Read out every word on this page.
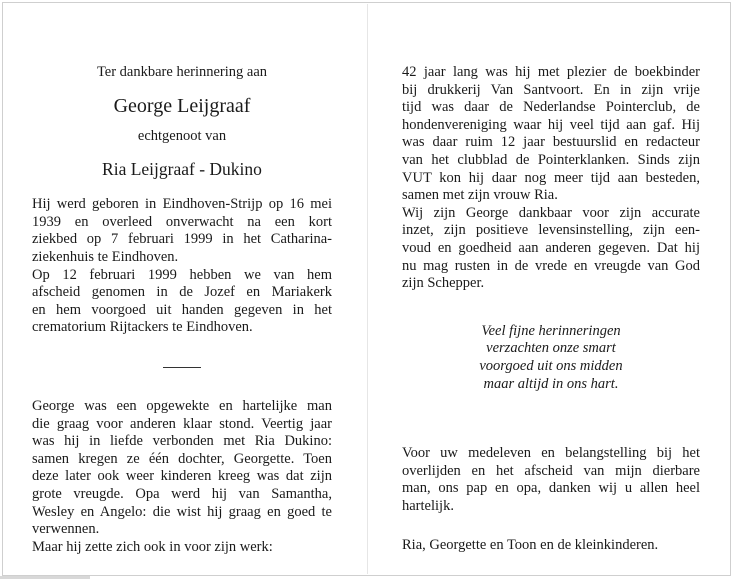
Ter dankbare herinnering aan

George Leijgraaf

echtgenoot van

Ria Leijgraaf - Dukino

Hij werd geboren in Eindhoven-Strijp op 16 mei
1939 en overleed onverwacht na een kort
ziekbed op 7 februari 1999 in het Catharina-
ziekenhuis te Eindhoven.
Op 12 februari 1999 hebben we van hem
afscheid genomen in de Jozef en Mariakerk
en hem voorgoed uit handen gegeven in het
crematorium Rijtackers te Eindhoven.
George was een opgewekte en hartelijke man
die graag voor anderen klaar stond. Veertig jaar
was hij in liefde verbonden met Ria Dukino:
samen kregen ze één dochter, Georgette. Toen
deze later ook weer kinderen kreeg was dat zijn
grote vreugde. Opa werd hij van Samantha,
Wesley en Angelo: die wist hij graag en goed te
verwennen.
Maar hij zette zich ook in voor zijn werk:
42 jaar lang was hij met plezier de boekbinder
bij drukkerij Van Santvoort. En in zijn vrije
tijd was daar de Nederlandse Pointerclub, de
hondenvereniging waar hij veel tijd aan gaf. Hij
was daar ruim 12 jaar bestuurslid en redacteur
van het clubblad de Pointerklanken. Sinds zijn
VUT kon hij daar nog meer tijd aan besteden,
samen met zijn vrouw Ria.
Wij zijn George dankbaar voor zijn accurate
inzet, zijn positieve levensinstelling, zijn een-
voud en goedheid aan anderen gegeven. Dat hij
nu mag rusten in de vrede en vreugde van God
zijn Schepper.
Veel fijne herinneringen
verzachten onze smart
voorgoed uit ons midden
maar altijd in ons hart.
Voor uw medeleven en belangstelling bij het
overlijden en het afscheid van mijn dierbare
man, ons pap en opa, danken wij u allen heel
hartelijk.

Ria, Georgette en Toon en de kleinkinderen.
